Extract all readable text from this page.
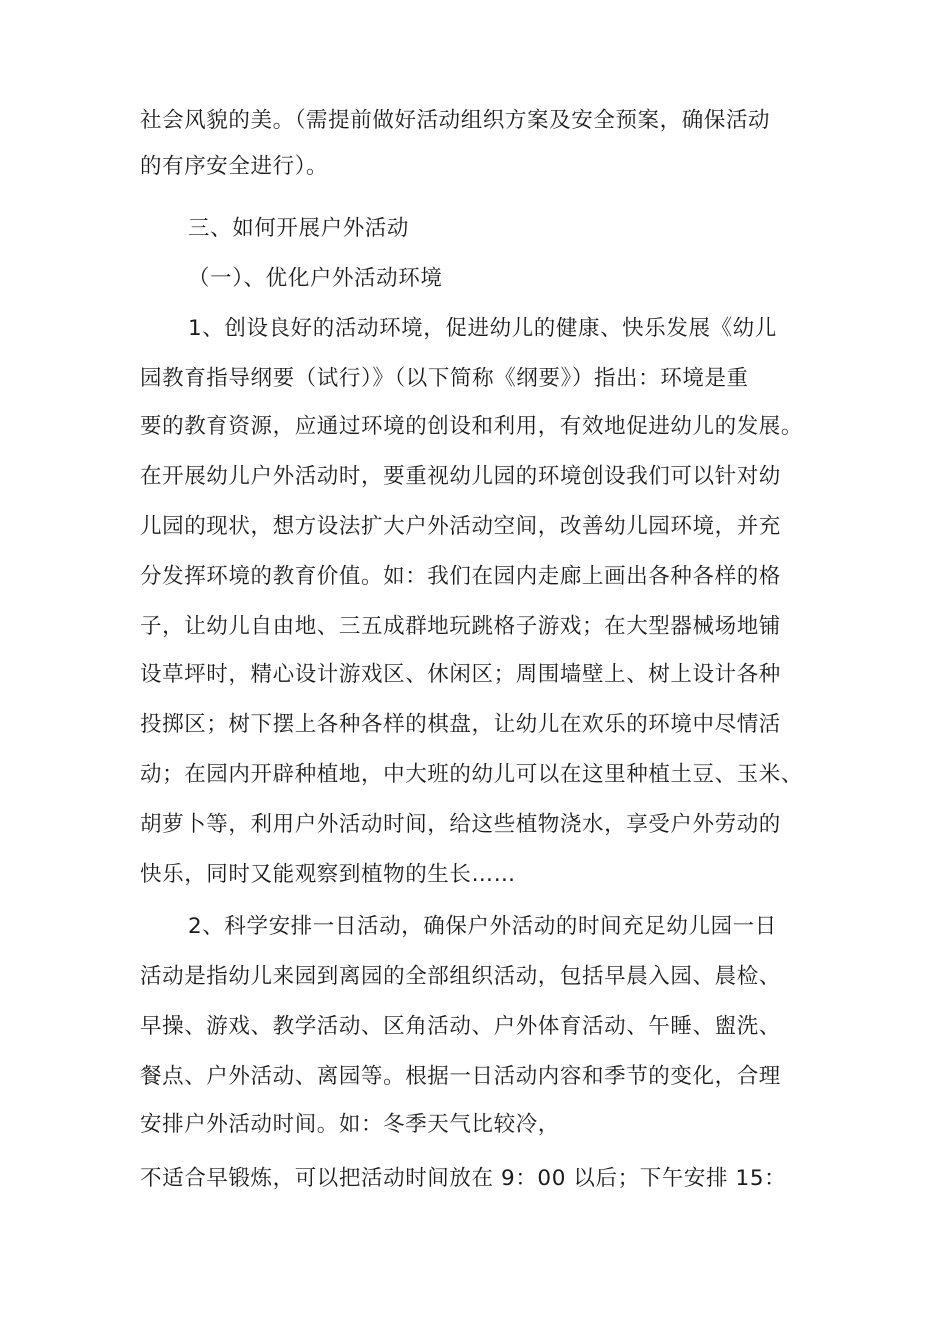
社会风貌的美。（需提前做好活动组织方案及安全预案，确保活动
的有序安全进行）。
三、如何开展户外活动
（一）、优化户外活动环境
1、创设良好的活动环境，促进幼儿的健康、快乐发展《幼儿
园教育指导纲要（试行）》（以下简称《纲要》）指出：环境是重
要的教育资源，应通过环境的创设和利用，有效地促进幼儿的发展。
在开展幼儿户外活动时，要重视幼儿园的环境创设我们可以针对幼
儿园的现状，想方设法扩大户外活动空间，改善幼儿园环境，并充
分发挥环境的教育价值。如：我们在园内走廊上画出各种各样的格
子，让幼儿自由地、三五成群地玩跳格子游戏；在大型器械场地铺
设草坪时，精心设计游戏区、休闲区；周围墙壁上、树上设计各种
投掷区；树下摆上各种各样的棋盘，让幼儿在欢乐的环境中尽情活
动；在园内开辟种植地，中大班的幼儿可以在这里种植土豆、玉米、
胡萝卜等，利用户外活动时间，给这些植物浇水，享受户外劳动的
快乐，同时又能观察到植物的生长……
2、科学安排一日活动，确保户外活动的时间充足幼儿园一日
活动是指幼儿来园到离园的全部组织活动，包括早晨入园、晨检、
早操、游戏、教学活动、区角活动、户外体育活动、午睡、盥洗、
餐点、户外活动、离园等。根据一日活动内容和季节的变化，合理
安排户外活动时间。如：冬季天气比较冷，
不适合早锻炼，可以把活动时间放在 9：00 以后；下午安排 15：
